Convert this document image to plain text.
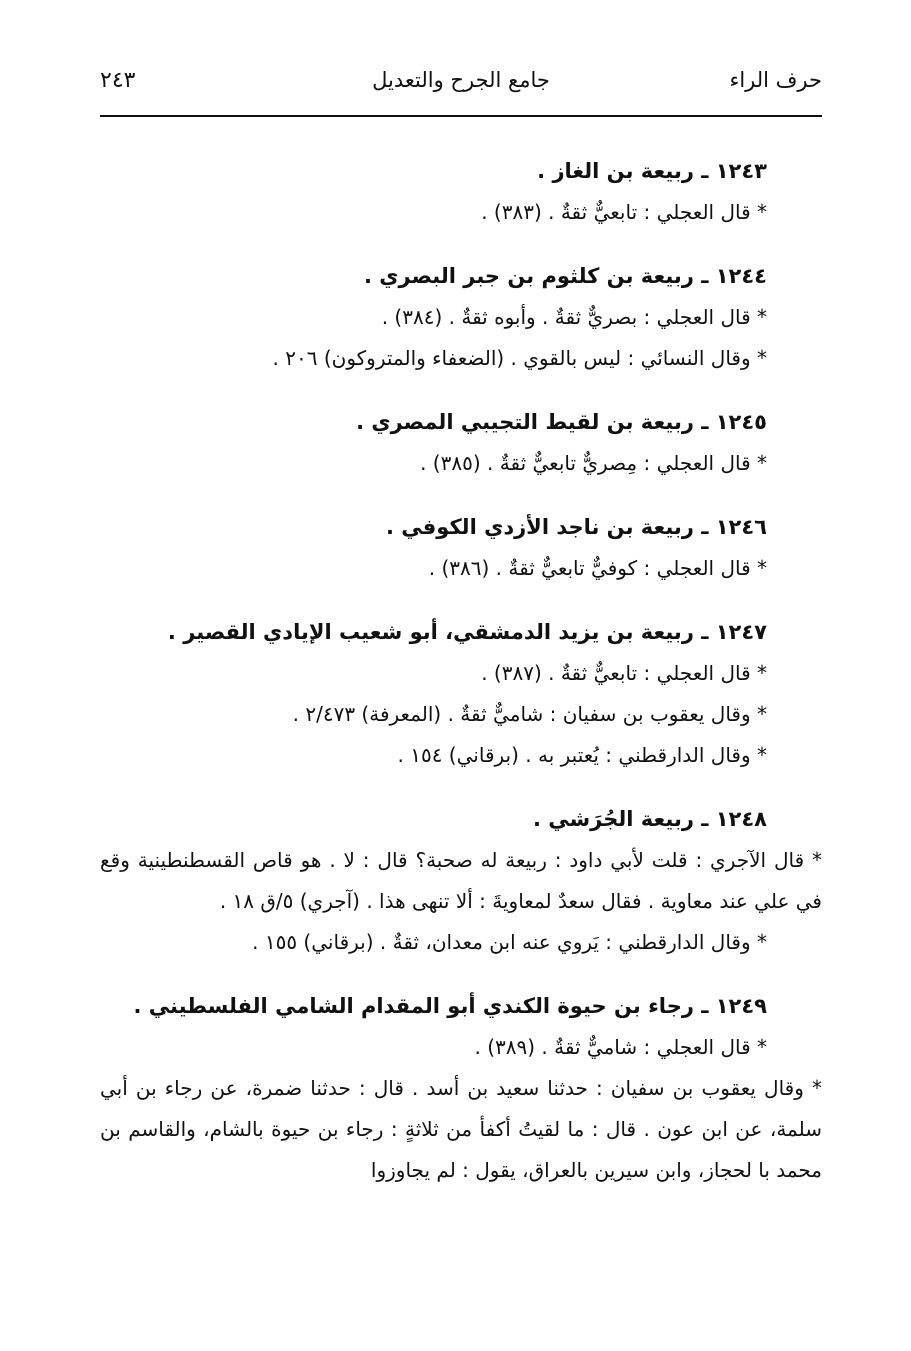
حرف الراء
جامع الجرح والتعديل
٢٤٣

١٢٤٣ ـ ربيعة بن الغاز .

* قال العجلي : تابعيٌّ ثقةٌ . (٣٨٣) .

١٢٤٤ ـ ربيعة بن كلثوم بن جبر البصري .

* قال العجلي : بصريٌّ ثقةٌ . وأبوه ثقةٌ . (٣٨٤) .

* وقال النسائي : ليس بالقوي . (الضعفاء والمتروكون) ٢٠٦ .

١٢٤٥ ـ ربيعة بن لقيط التجيبي المصري .

* قال العجلي : مِصريٌّ تابعيٌّ ثقةٌ . (٣٨٥) .

١٢٤٦ ـ ربيعة بن ناجد الأزدي الكوفي .

* قال العجلي : كوفيٌّ تابعيٌّ ثقةٌ . (٣٨٦) .

١٢٤٧ ـ ربيعة بن يزيد الدمشقي، أبو شعيب الإيادي القصير .

* قال العجلي : تابعيٌّ ثقةٌ . (٣٨٧) .

* وقال يعقوب بن سفيان : شاميٌّ ثقةٌ . (المعرفة) ٢/٤٧٣ .

* وقال الدارقطني : يُعتبر به . (برقاني) ١٥٤ .

١٢٤٨ ـ ربيعة الجُرَشي .

* قال الآجري : قلت لأبي داود : ربيعة له صحبة؟ قال : لا . هو قاص القسطنطينية وقع في علي عند معاوية . فقال سعدٌ لمعاويةَ : ألا تنهى هذا . (آجري) ٥/ق ١٨ .

* وقال الدارقطني : يَروي عنه ابن معدان، ثقةٌ . (برقاني) ١٥٥ .

١٢٤٩ ـ رجاء بن حيوة الكندي أبو المقدام الشامي الفلسطيني .

* قال العجلي : شاميٌّ ثقةٌ . (٣٨٩) .

* وقال يعقوب بن سفيان : حدثنا سعيد بن أسد . قال : حدثنا ضمرة، عن رجاء بن أبي سلمة، عن ابن عون . قال : ما لقيتُ أكفأ من ثلاثةٍ : رجاء بن حيوة بالشام، والقاسم بن محمد با لحجاز، وابن سيرين بالعراق، يقول : لم يجاوزوا
